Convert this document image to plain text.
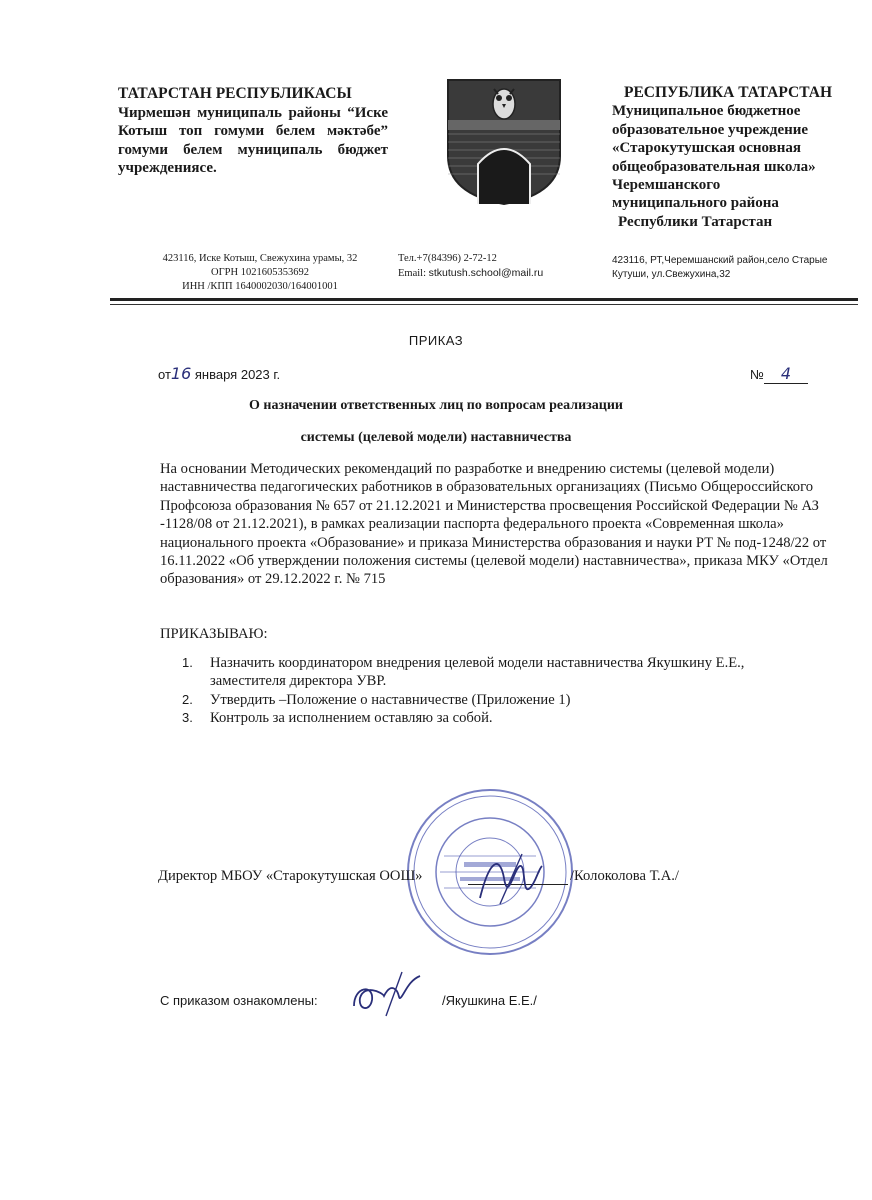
ТАТАРСТАН РЕСПУБЛИКАСЫ
Чирмешән муниципаль районы “Иске Котыш топ гомуми белем мәктәбе” гомуми белем муниципаль бюджет учреждениясе.
РЕСПУБЛИКА ТАТАРСТАН
Муниципальное бюджетное
образовательное учреждение
«Старокутушская основная
общеобразовательная школа»
Черемшанского
муниципального района
Республики Татарстан
423116, Иске Котыш, Свежухина урамы, 32
ОГРН 1021605353692
ИНН /КПП 1640002030/164001001
Тел.+7(84396) 2-72-12
Email: stkutush.school@mail.ru
423116, РТ,Черемшанский район,село Старые
Кутуши, ул.Свежухина,32
ПРИКАЗ
от16 января 2023 г.	№ 4
О назначении ответственных лиц по вопросам реализации
системы (целевой модели) наставничества
На основании Методических рекомендаций по разработке и внедрению системы (целевой модели) наставничества педагогических работников в образовательных организациях (Письмо Общероссийского Профсоюза образования № 657 от 21.12.2021 и Министерства просвещения Российской Федерации № АЗ -1128/08 от 21.12.2021), в рамках реализации паспорта федерального проекта «Современная школа» национального проекта «Образование» и приказа Министерства образования и науки РТ № под-1248/22 от 16.11.2022 «Об утверждении положения системы (целевой модели) наставничества», приказа МКУ «Отдел образования» от 29.12.2022 г. № 715
ПРИКАЗЫВАЮ:
1. Назначить координатором внедрения целевой модели наставничества Якушкину Е.Е., заместителя директора УВР.
2. Утвердить –Положение о наставничестве (Приложение 1)
3. Контроль за исполнением оставляю за собой.
Директор МБОУ «Старокутушская ООШ»	/Колоколова Т.А./
С приказом ознакомлены:	/Якушкина Е.Е./
